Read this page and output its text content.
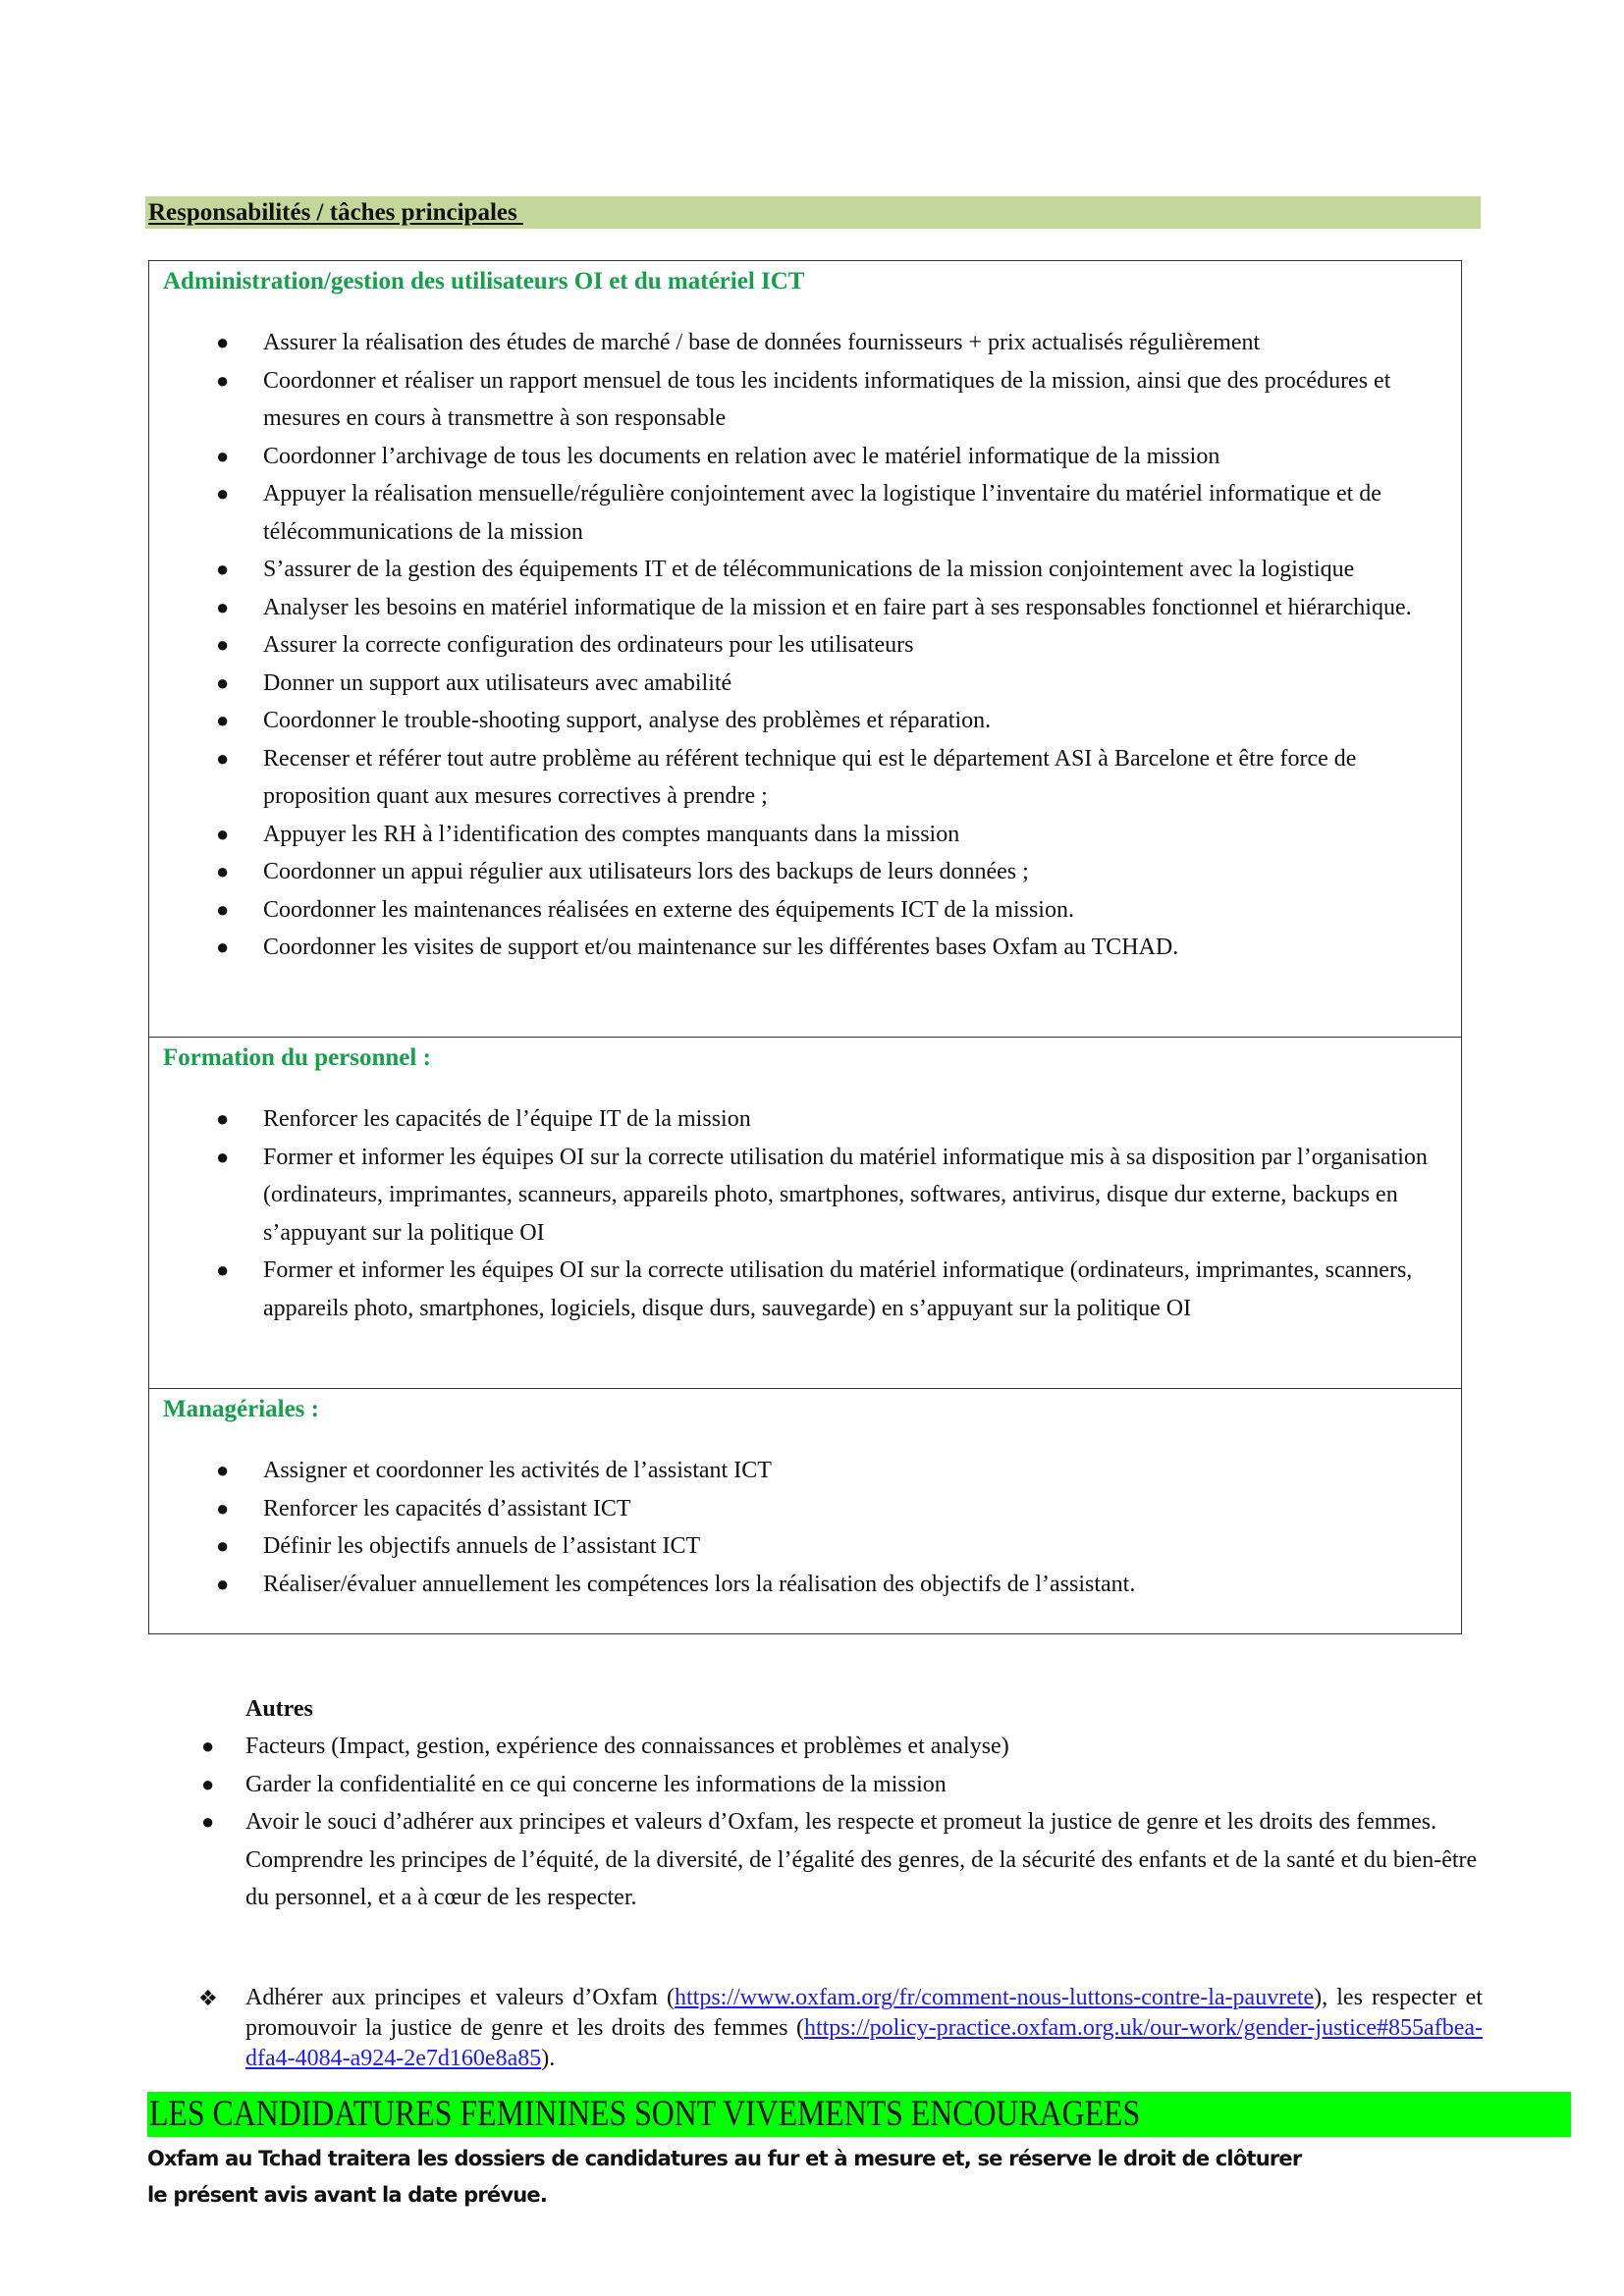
Responsabilités / tâches principales
Administration/gestion des utilisateurs OI et du matériel ICT
● Assurer la réalisation des études de marché / base de données fournisseurs + prix actualisés régulièrement
● Coordonner et réaliser un rapport mensuel de tous les incidents informatiques de la mission, ainsi que des procédures et mesures en cours à transmettre à son responsable
● Coordonner l’archivage de tous les documents en relation avec le matériel informatique de la mission
● Appuyer la réalisation mensuelle/régulière conjointement avec la logistique l’inventaire du matériel informatique et de télécommunications de la mission
● S’assurer de la gestion des équipements IT et de télécommunications de la mission conjointement avec la logistique
● Analyser les besoins en matériel informatique de la mission et en faire part à ses responsables fonctionnel et hiérarchique.
● Assurer la correcte configuration des ordinateurs pour les utilisateurs
● Donner un support aux utilisateurs avec amabilité
● Coordonner le trouble-shooting support, analyse des problèmes et réparation.
● Recenser et référer tout autre problème au référent technique qui est le département ASI à Barcelone et être force de proposition quant aux mesures correctives à prendre ;
● Appuyer les RH à l’identification des comptes manquants dans la mission
● Coordonner un appui régulier aux utilisateurs lors des backups de leurs données ;
● Coordonner les maintenances réalisées en externe des équipements ICT de la mission.
● Coordonner les visites de support et/ou maintenance sur les différentes bases Oxfam au TCHAD.
Formation du personnel :
● Renforcer les capacités de l’équipe IT de la mission
● Former et informer les équipes OI sur la correcte utilisation du matériel informatique mis à sa disposition par l’organisation (ordinateurs, imprimantes, scanneurs, appareils photo, smartphones, softwares, antivirus, disque dur externe, backups en s’appuyant sur la politique OI
● Former et informer les équipes OI sur la correcte utilisation du matériel informatique (ordinateurs, imprimantes, scanners, appareils photo, smartphones, logiciels, disque durs, sauvegarde) en s’appuyant sur la politique OI
Managériales :
● Assigner et coordonner les activités de l’assistant ICT
● Renforcer les capacités d’assistant ICT
● Définir les objectifs annuels de l’assistant ICT
● Réaliser/évaluer annuellement les compétences lors la réalisation des objectifs de l’assistant.
Autres
● Facteurs (Impact, gestion, expérience des connaissances et problèmes et analyse)
● Garder la confidentialité en ce qui concerne les informations de la mission
● Avoir le souci d’adhérer aux principes et valeurs d’Oxfam, les respecte et promeut la justice de genre et les droits des femmes.

Comprendre les principes de l’équité, de la diversité, de l’égalité des genres, de la sécurité des enfants et de la santé et du bien-être du personnel, et a à cœur de les respecter.

❖ Adhérer aux principes et valeurs d’Oxfam (https://www.oxfam.org/fr/comment-nous-luttons-contre-la-pauvrete), les respecter et promouvoir la justice de genre et les droits des femmes (https://policy-practice.oxfam.org.uk/our-work/gender-justice#855afbea-dfa4-4084-a924-2e7d160e8a85).
LES CANDIDATURES FEMININES SONT VIVEMENTS ENCOURAGEES
Oxfam au Tchad traitera les dossiers de candidatures au fur et à mesure et, se réserve le droit de clôturer
le présent avis avant la date prévue.
